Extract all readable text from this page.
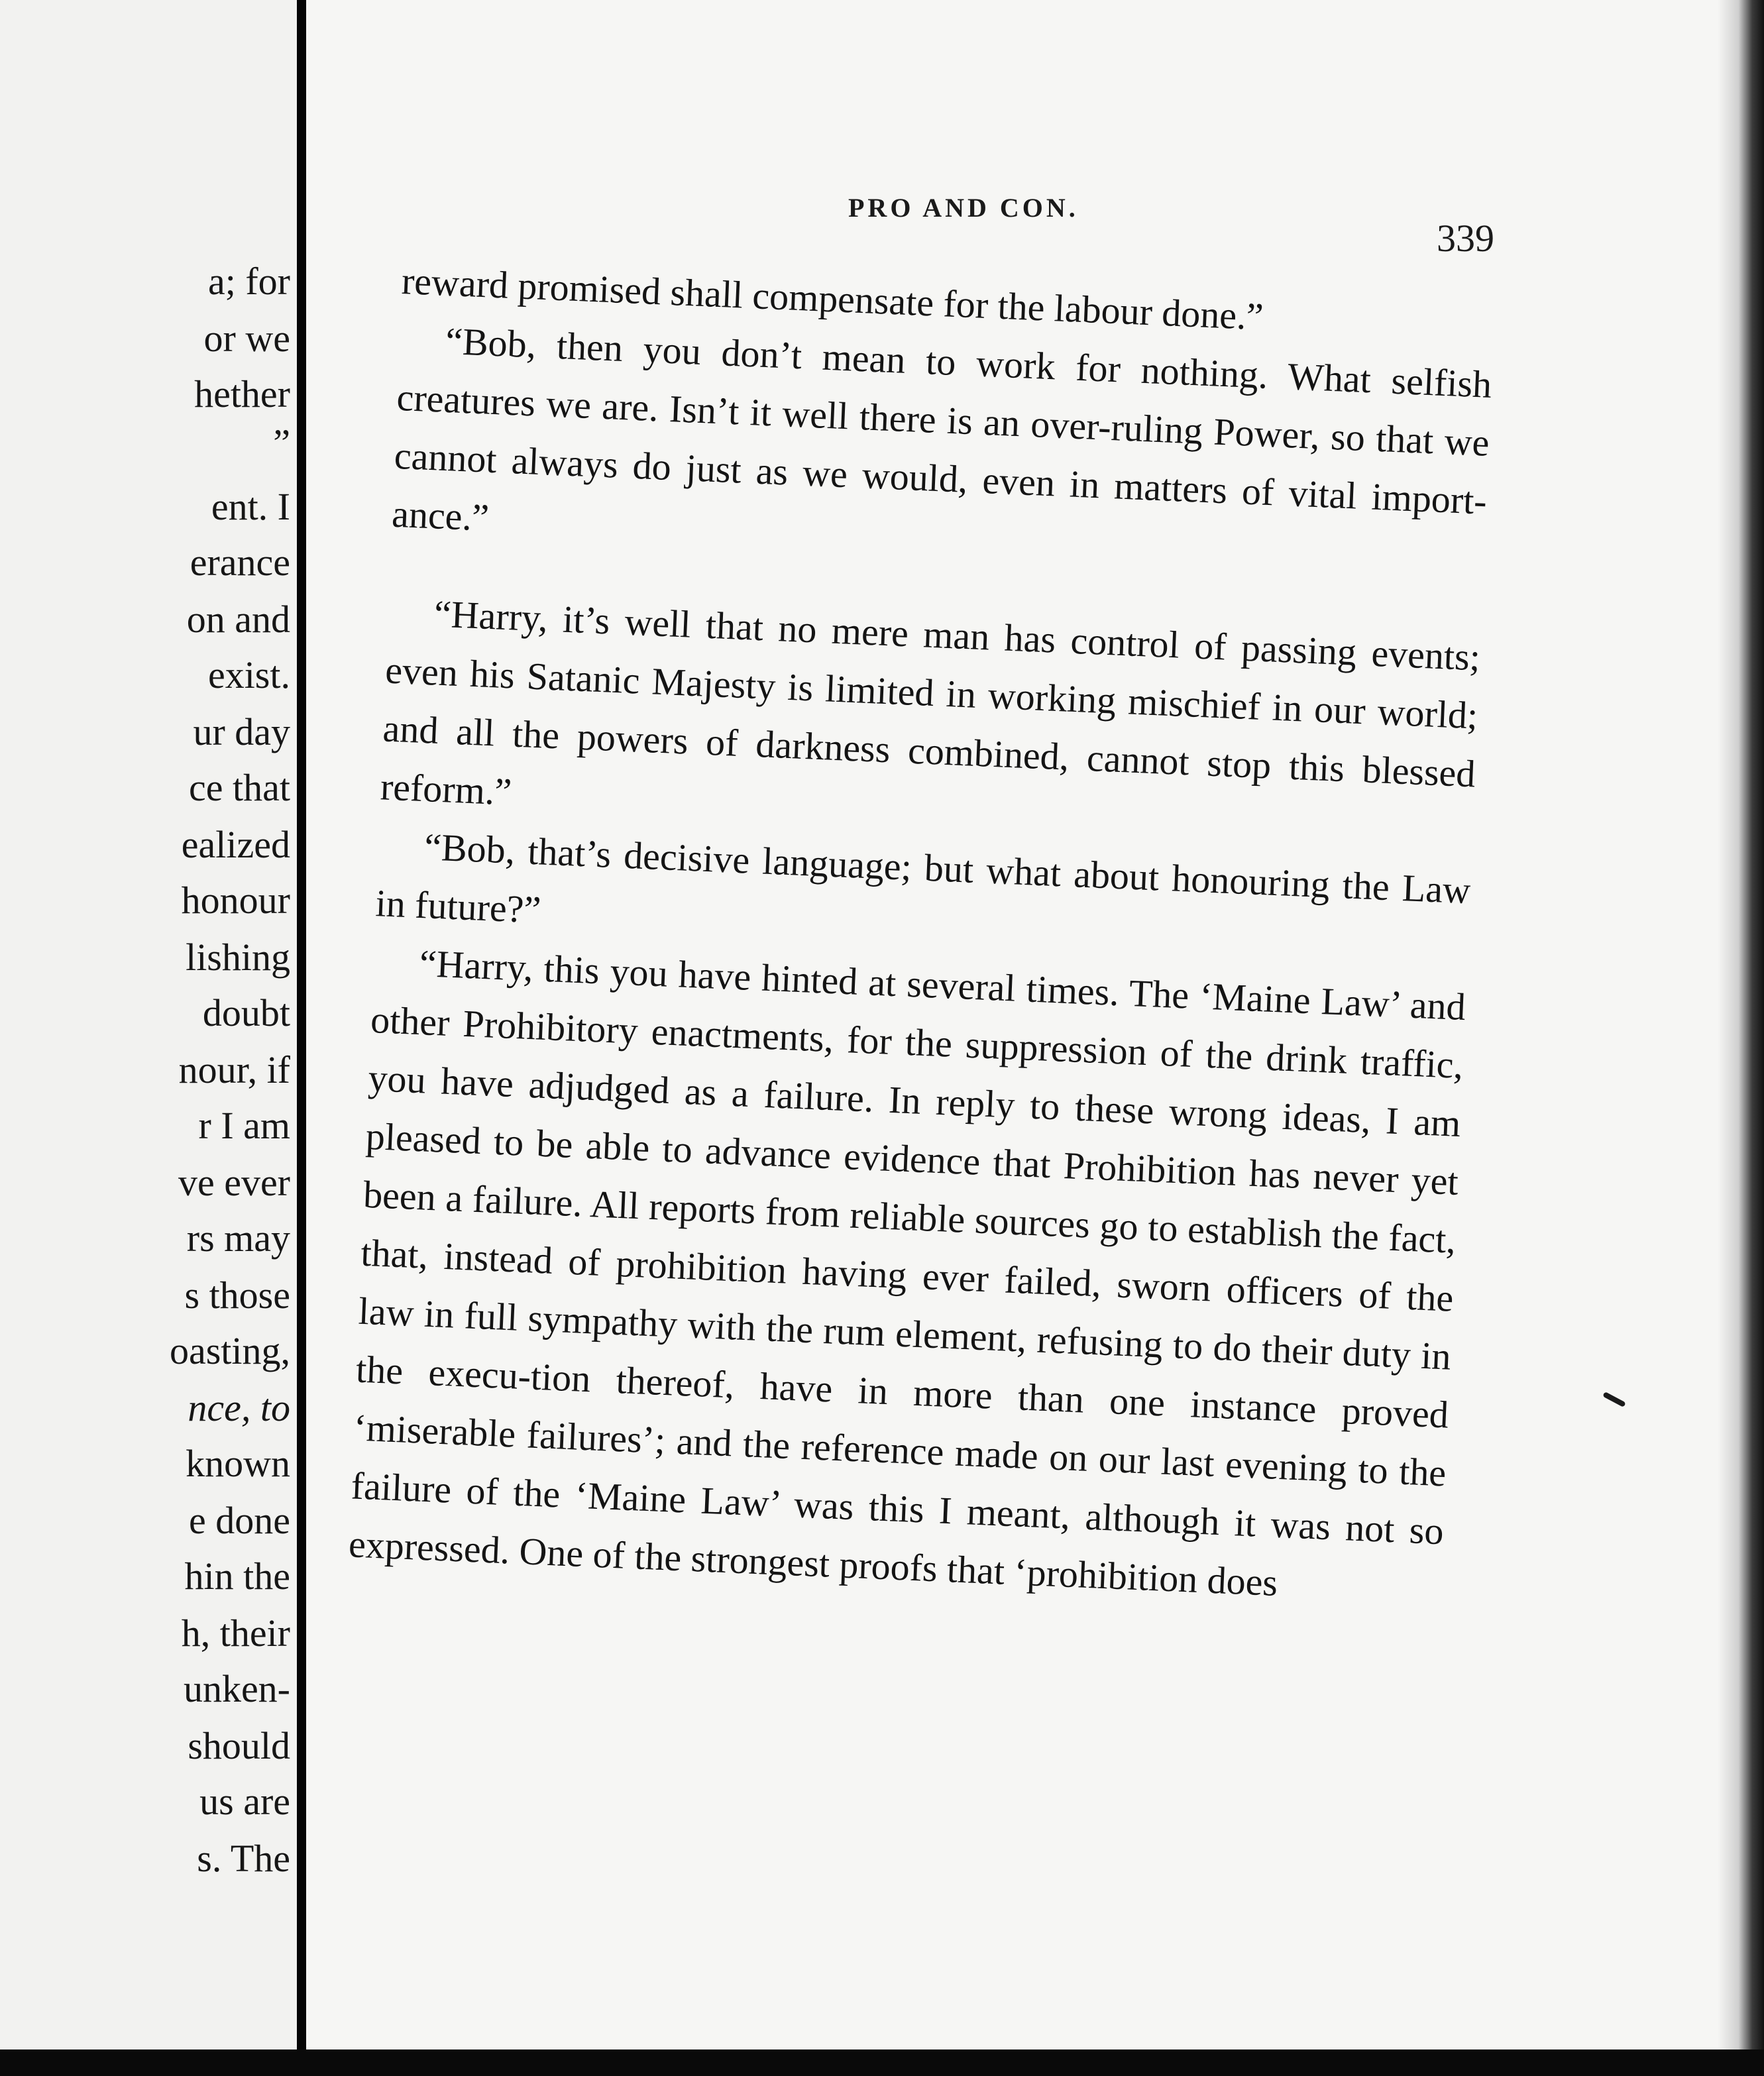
a; for
or we
hether
”
ent. I
erance
on and
exist.
ur day
ce that
ealized
honour
lishing
doubt
nour, if
r I am
ve ever
rs may
s those
oasting,
nce, to
known
e done
hin the
h, their
unken-
should
us are
s. The
PRO AND CON.
339

reward promised shall compensate for the labour done.”

“Bob, then you don’t mean to work for nothing. What selfish creatures we are. Isn’t it well there is an over-ruling Power, so that we cannot always do just as we would, even in matters of vital import-ance.”

“Harry, it’s well that no mere man has control of passing events; even his Satanic Majesty is limited in working mischief in our world; and all the powers of darkness combined, cannot stop this blessed reform.”

“Bob, that’s decisive language; but what about honouring the Law in future?”

“Harry, this you have hinted at several times. The ‘Maine Law’ and other Prohibitory enactments, for the suppression of the drink traffic, you have adjudged as a failure. In reply to these wrong ideas, I am pleased to be able to advance evidence that Prohibition has never yet been a failure. All reports from reliable sources go to establish the fact, that, instead of prohibition having ever failed, sworn officers of the law in full sympathy with the rum element, refusing to do their duty in the execu-tion thereof, have in more than one instance proved ‘miserable failures’; and the reference made on our last evening to the failure of the ‘Maine Law’ was this I meant, although it was not so expressed. One of the strongest proofs that ‘prohibition does
